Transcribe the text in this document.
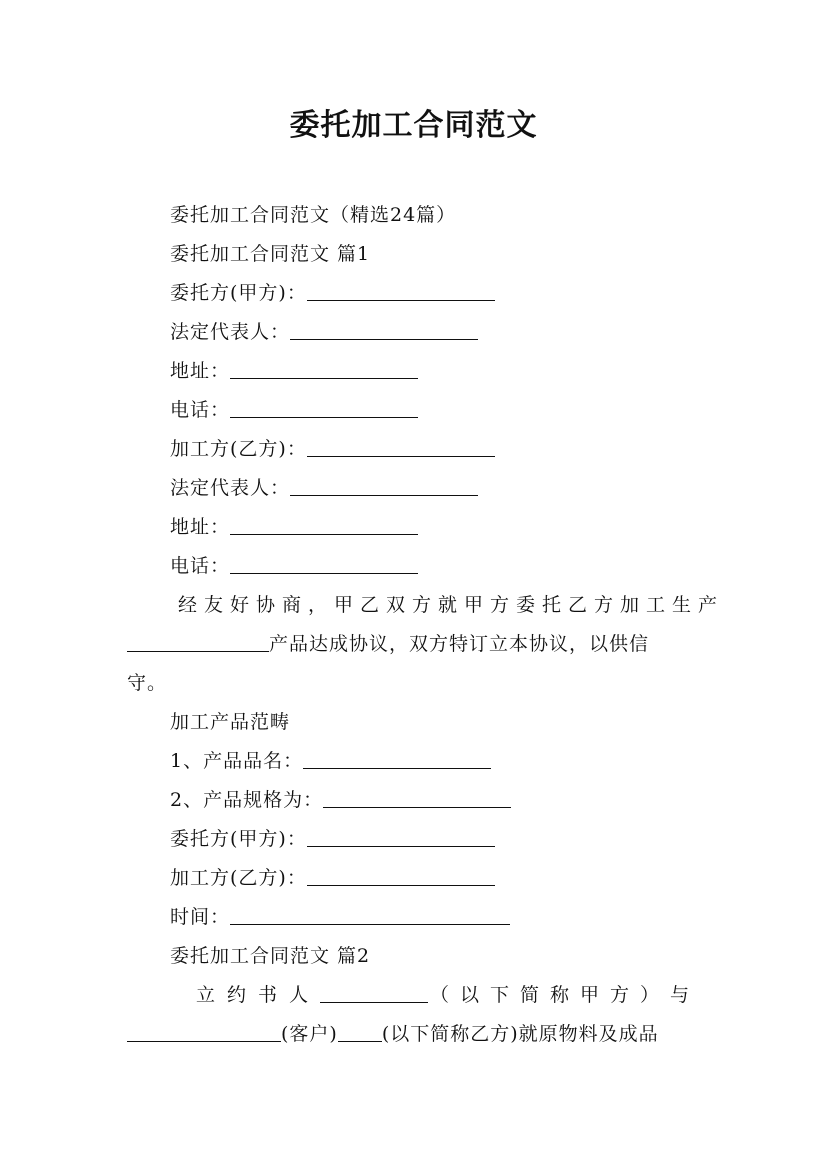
委托加工合同范文
委托加工合同范文（精选24篇）
委托加工合同范文 篇1
委托方(甲方)：
法定代表人：
地址：
电话：
加工方(乙方)：
法定代表人：
地址：
电话：
经友好协商，甲乙双方就甲方委托乙方加工生产
产品达成协议，双方特订立本协议，以供信
守。
加工产品范畴
1、产品品名：
2、产品规格为：
委托方(甲方)：
加工方(乙方)：
时间：
委托加工合同范文 篇2
立约书人	（以下简称甲方）与
(客户) (以下简称乙方)就原物料及成品
